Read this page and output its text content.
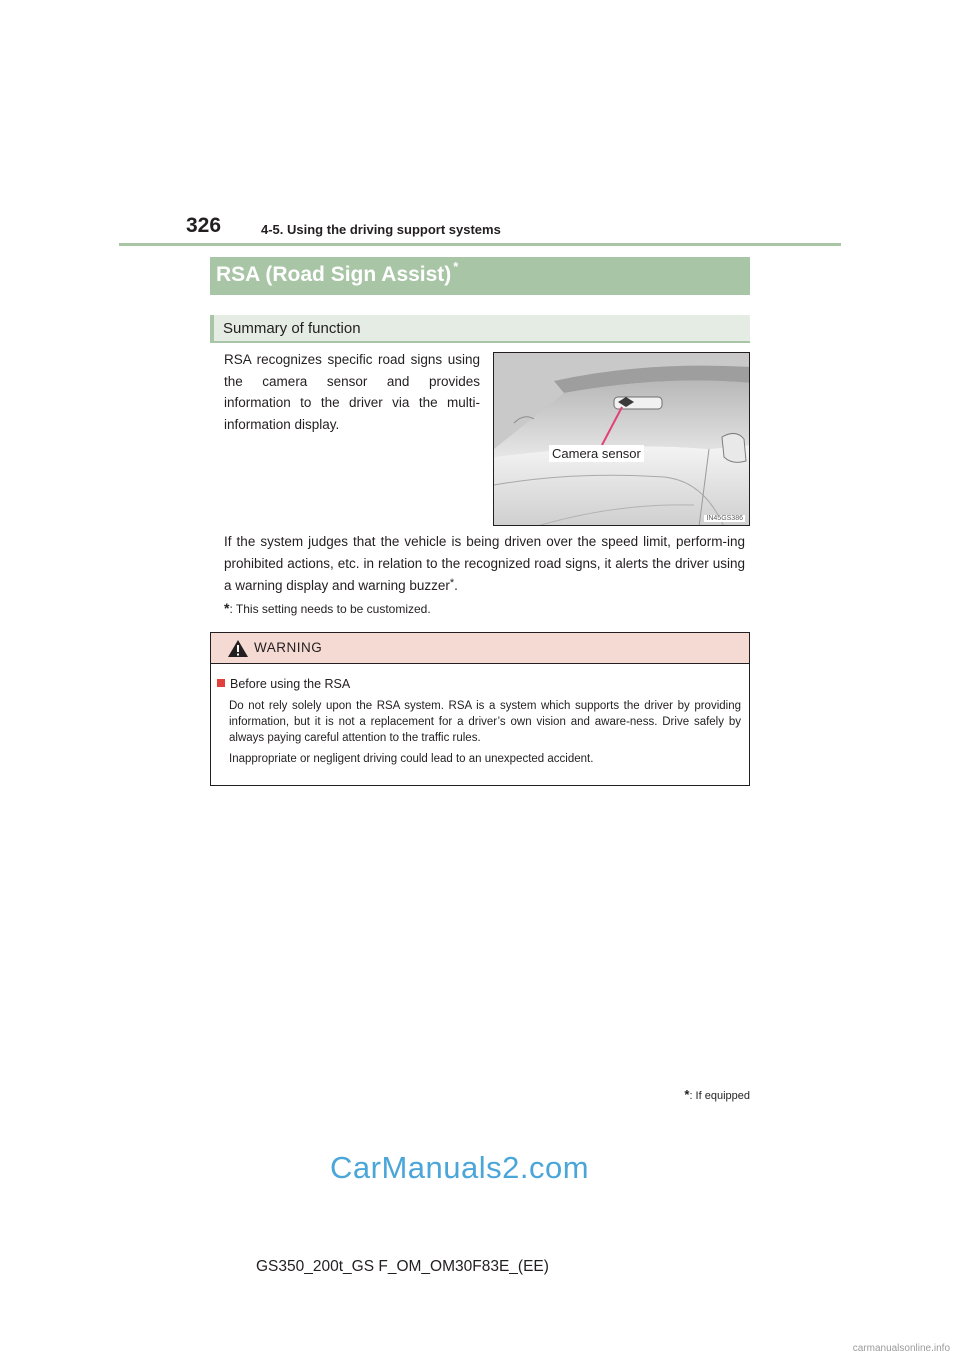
326	4-5. Using the driving support systems
RSA (Road Sign Assist) *
Summary of function
RSA recognizes specific road signs using the camera sensor and provides information to the driver via the multi-information display.
Camera sensor
IN45GS386
If the system judges that the vehicle is being driven over the speed limit, perform-ing prohibited actions, etc. in relation to the recognized road signs, it alerts the driver using a warning display and warning buzzer*.
*: This setting needs to be customized.
WARNING
Before using the RSA

Do not rely solely upon the RSA system. RSA is a system which supports the driver by providing information, but it is not a replacement for a driver’s own vision and aware-ness. Drive safely by always paying careful attention to the traffic rules.

Inappropriate or negligent driving could lead to an unexpected accident.

*: If equipped
CarManuals2.com
GS350_200t_GS F_OM_OM30F83E_(EE)
carmanualsonline.info
